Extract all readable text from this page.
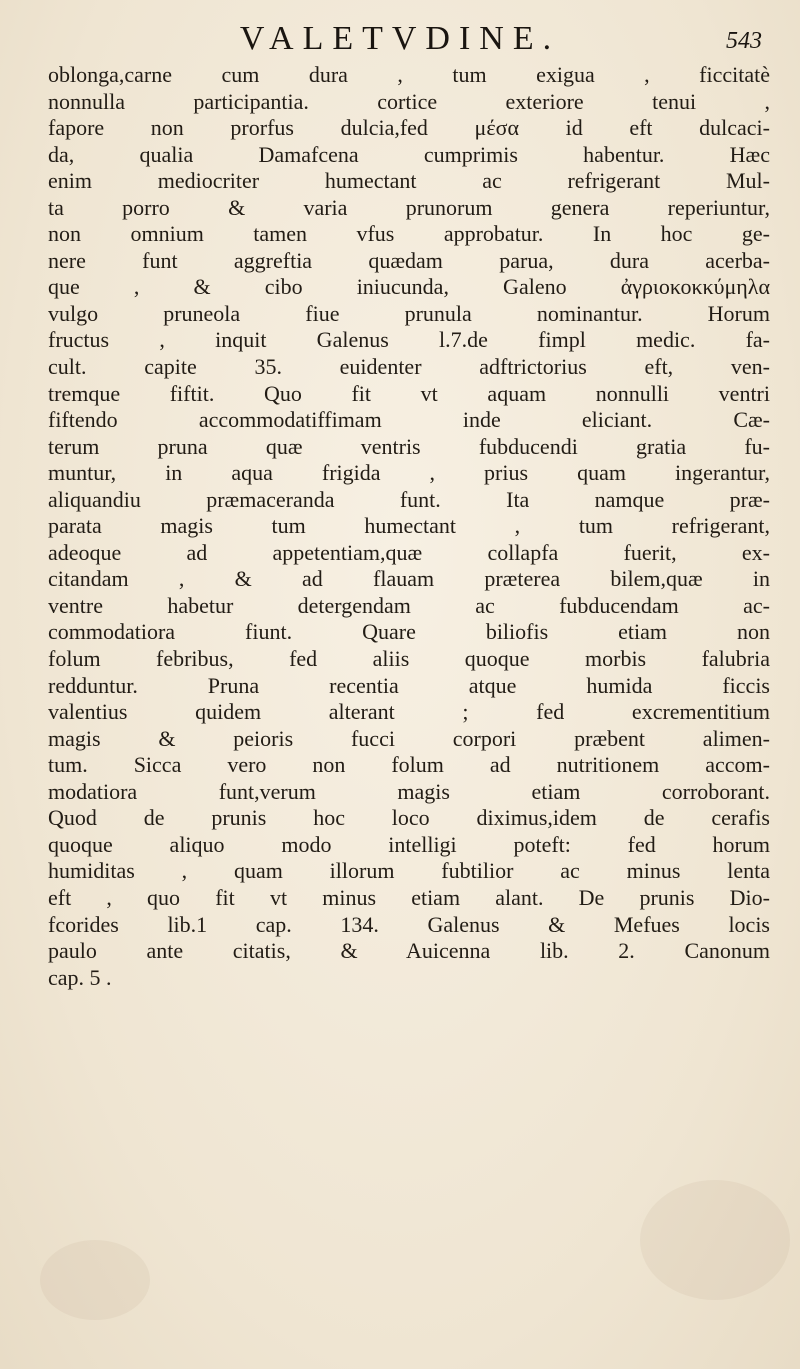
VALETVDINE.	543
oblonga,carne cum dura , tum exigua , ficcitatè
nonnulla participantia. cortice exteriore tenui ,
fapore non prorfus dulcia,fed μέσα id eft dulcaci-
da, qualia Damafcena cumprimis habentur. Hæc
enim mediocriter humectant ac refrigerant Mul-
ta porro & varia prunorum genera reperiuntur,
non omnium tamen vfus approbatur. In hoc ge-
nere funt aggreftia quædam parua, dura acerba-
que , & cibo iniucunda, Galeno ἀγριοκοκκύμηλα
vulgo pruneola fiue prunula nominantur. Horum
fructus , inquit Galenus l.7.de fimpl medic. fa-
cult. capite 35. euidenter adftrictorius eft, ven-
tremque fiftit. Quo fit vt aquam nonnulli ventri
fiftendo accommodatiffimam inde eliciant. Cæ-
terum pruna quæ ventris fubducendi gratia fu-
muntur, in aqua frigida , prius quam ingerantur,
aliquandiu præmaceranda funt. Ita namque præ-
parata magis tum humectant , tum refrigerant,
adeoque ad appetentiam,quæ collapfa fuerit, ex-
citandam , & ad flauam præterea bilem,quæ in
ventre habetur detergendam ac fubducendam ac-
commodatiora fiunt. Quare biliofis etiam non
folum febribus, fed aliis quoque morbis falubria
redduntur. Pruna recentia atque humida ficcis
valentius quidem alterant ; fed excrementitium
magis & peioris fucci corpori præbent alimen-
tum. Sicca vero non folum ad nutritionem accom-
modatiora funt,verum magis etiam corroborant.
Quod de prunis hoc loco diximus,idem de cerafis
quoque aliquo modo intelligi poteft: fed horum
humiditas , quam illorum fubtilior ac minus lenta
eft , quo fit vt minus etiam alant. De prunis Dio-
fcorides lib.1 cap. 134. Galenus & Mefues locis
paulo ante citatis, & Auicenna lib. 2. Canonum
cap. 5 .
